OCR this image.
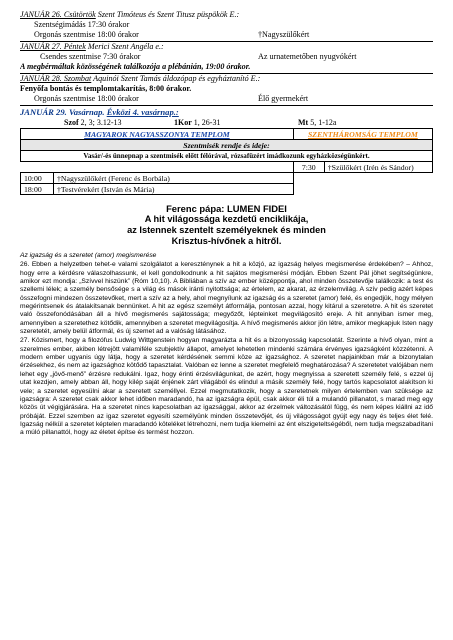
JANUÁR 26. Csütörtök Szent Timóteus és Szent Titusz püspökök E.:
Szentségimádás 17:30 órakor
Orgonás szentmise 18:00 órakor	†Nagyszülőkért
JANUÁR 27. Péntek Merici Szent Angéla e.:
Csendes szentmise 7:30 órakor	Az urnatemetőben nyugvókért
A megbérmáltak közösségének találkozója a plébánián, 19:00 órakor.
JANUÁR 28. Szombat Aquinói Szent Tamás áldozópap és egyháztanító E.:
Fenyőfa bontás és templomtakarítás, 8:00 órakor.
Orgonás szentmise 18:00 órakor	Élő gyermekért
JANUÁR 29. Vasárnap. Évközi 4. vasárnap.:
Szof 2, 3; 3.12-13	1Kor 1, 26-31	Mt 5, 1-12a
MAGYAROK NAGYASSZONYA TEMPLOM		SZENTHÁROMSÁG TEMPLOM	
Szentmisék rendje és ideje:			
Vasár/-és ünnepnap a szentmisék előtt félórával, rózsafüzért imádkozunk egyházközségünkért.			
		7:30	†Szülőkért (Irén és Sándor)
10:00	†Nagyszülőkért (Ferenc és Borbála)		
18:00	†Testvérekért (István és Mária)		
Ferenc pápa: LUMEN FIDEI
A hit világossága kezdetű enciklikája,
az Istennek szentelt személyeknek és minden
Krisztus-hívőnek a hitről.

Az igazság és a szeretet (amor) megismerése

26. Ebben a helyzetben tehet-e valami szolgálatot a kereszténynek a hit a közjó, az igazság helyes megismerése érdekében? – Ahhoz, hogy erre a kérdésre válaszolhassunk, el kell gondolkodnunk a hit sajátos megismerési módján. Ebben Szent Pál jöhet segítségünkre, amikor ezt mondja: „Szívvel hiszünk” (Róm 10,10). A Bibliában a szív az ember középpontja, ahol minden összetevője találkozik: a test és szellemi lélek; a személy bensősége s a világ és mások iránti nyitottsága; az értelem, az akarat, az érzelemvilág. A szív pedig azért képes összefogni mindezen összetevőket, mert a szív az a hely, ahol megnyílunk az igazság és a szeretet (amor) felé, és engedjük, hogy mélyen megérintsenek és átalakítsanak bennünket. A hit az egész személyt átformálja, pontosan azzal, hogy kitárul a szeretetre. A hit és szeretet való összefonódásában áll a hívő megismerés sajátossága; megyőzőt, lépteinket megvilágosító ereje. A hit annyiban ismer meg, amennyiben a szeretethez kötődik, amennyiben a szeretet megvilágosítja. A hívő megismerés akkor jön létre, amikor megkapjuk Isten nagy szeretetét, amely belül átformál, és új szemet ad a valóság látásához.

27. Közismert, hogy a filozófus Ludwig Wittgenstein hogyan magyarázta a hit és a bizonyosság kapcsolatát. Szerinte a hívő olyan, mint a szerelmes ember, akiben létrejött valamiféle szubjektív állapot, amelyet lehetetlen mindenki számára érvényes igazságként közzétenni. A modern ember ugyanis úgy látja, hogy a szeretet kérdésének semmi köze az igazsághoz. A szeretet napjainkban már a bizonytalan érzésekhez, és nem az igazsághoz kötődő tapasztalat. Valóban ez lenne a szeretet megfelelő meghatározása? A szeretetet valójában nem lehet egy „jövő-menő” érzésre redukálni. Igaz, hogy érinti érzésvilágunkat, de azért, hogy megnyissa a szeretett személy felé, s ezzel új utat kezdjen, amely abban áll, hogy kilép saját énjének zárt világából és elindul a másik személy felé, hogy tartós kapcsolatot alakítson ki vele; a szeretet egyesülni akar a szeretett személlyel. Ezzel megmutatkozik, hogy a szeretetnek milyen értelemben van szüksége az igazságra: A szeretet csak akkor lehet időben maradandó, ha az igazságra épül, csak akkor éli túl a mulandó pillanatot, s marad meg egy közös út végigjárására. Ha a szeretet nincs kapcsolatban az igazsággal, akkor az érzelmek változásától függ, és nem képes kiállni az idő próbáját. Ezzel szemben az igaz szeretet egyesíti személyünk minden összetevőjét, és új világosságot gyújt egy nagy és teljes élet felé. Igazság nélkül a szeretet képtelen maradandó köteléket létrehozni, nem tudja kiemelni az ént elszigeteltségéből, nem tudja megszabadítani a múló pillanattól, hogy az életet építse és termést hozzon.
